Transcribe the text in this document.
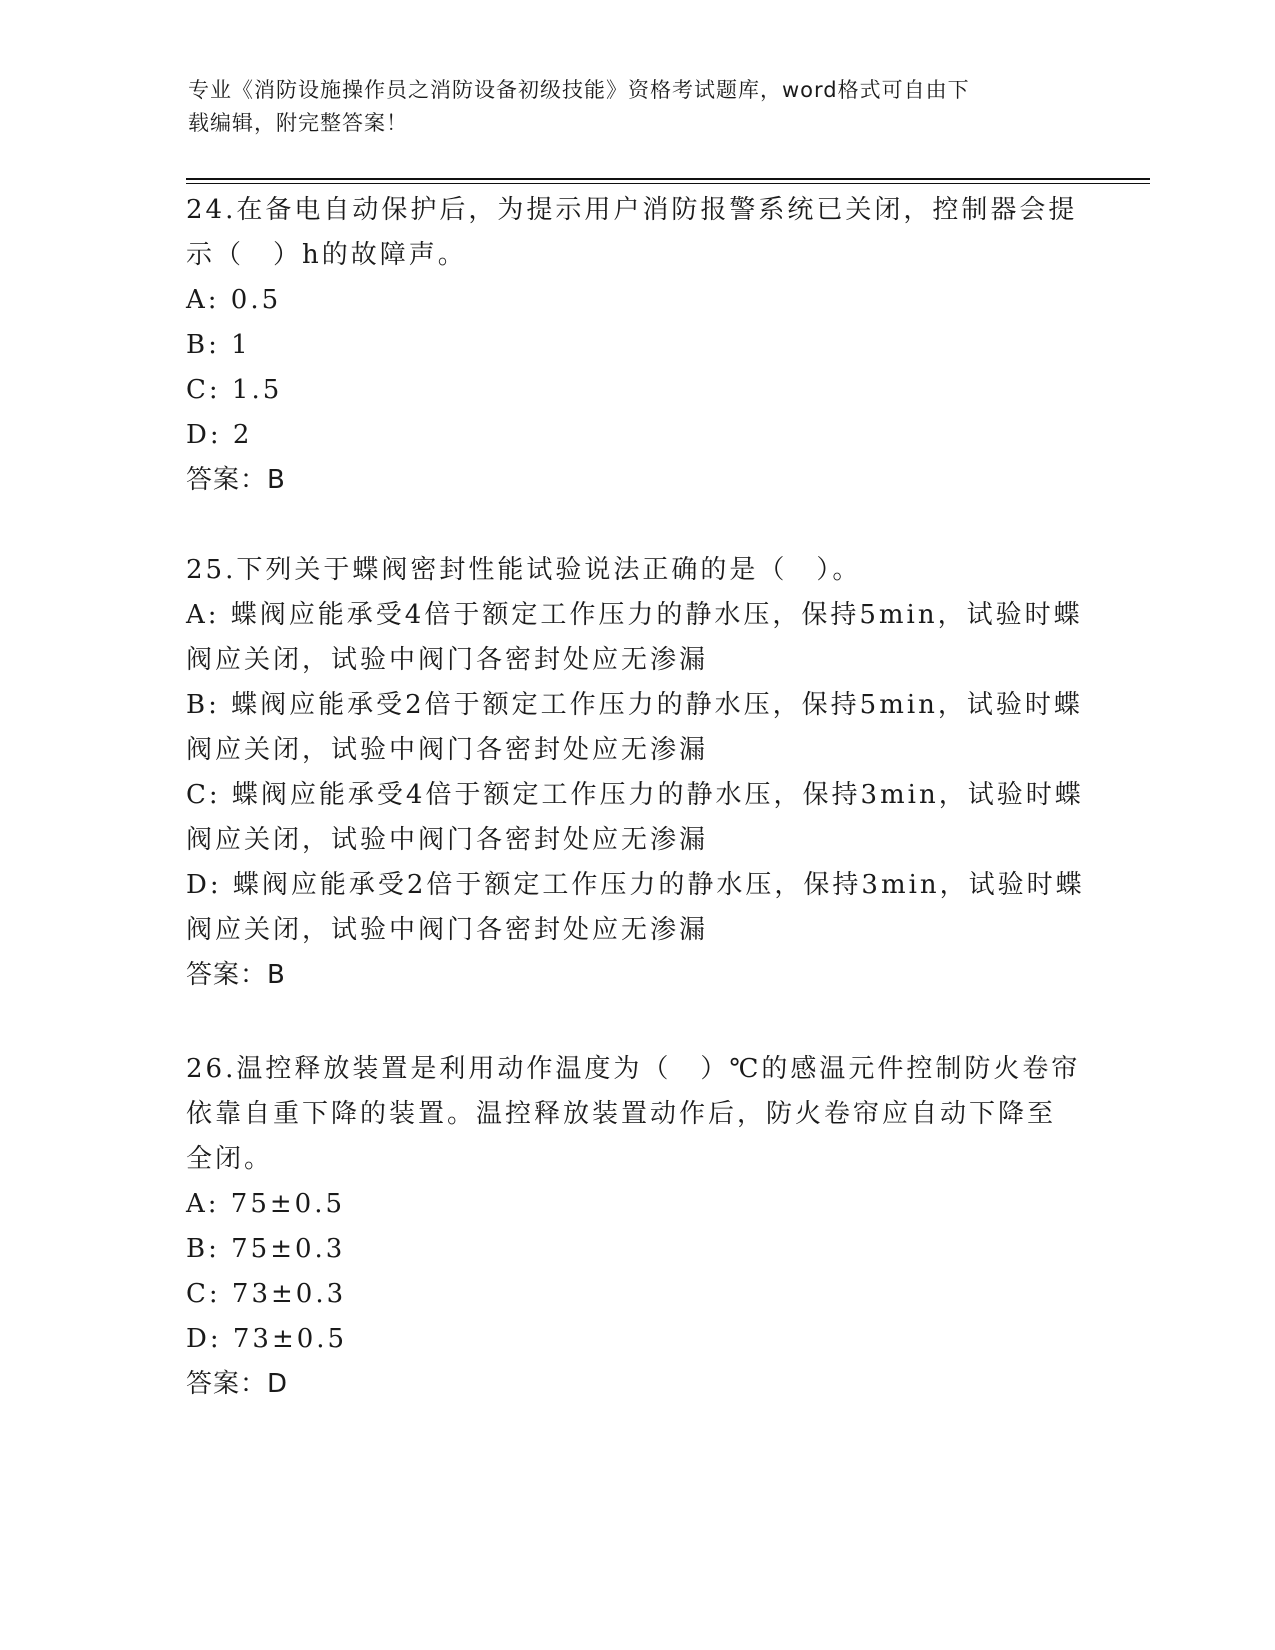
专业《消防设施操作员之消防设备初级技能》资格考试题库，word格式可自由下
载编辑，附完整答案！
24.在备电自动保护后，为提示用户消防报警系统已关闭，控制器会提
示（　）h的故障声。
A: 0.5
B: 1
C: 1.5
D: 2
答案：B
25.下列关于蝶阀密封性能试验说法正确的是（　）。
A: 蝶阀应能承受4倍于额定工作压力的静水压，保持5min，试验时蝶
阀应关闭，试验中阀门各密封处应无渗漏
B: 蝶阀应能承受2倍于额定工作压力的静水压，保持5min，试验时蝶
阀应关闭，试验中阀门各密封处应无渗漏
C: 蝶阀应能承受4倍于额定工作压力的静水压，保持3min，试验时蝶
阀应关闭，试验中阀门各密封处应无渗漏
D: 蝶阀应能承受2倍于额定工作压力的静水压，保持3min，试验时蝶
阀应关闭，试验中阀门各密封处应无渗漏
答案：B
26.温控释放装置是利用动作温度为（　）℃的感温元件控制防火卷帘
依靠自重下降的装置。温控释放装置动作后，防火卷帘应自动下降至
全闭。
A: 75±0.5
B: 75±0.3
C: 73±0.3
D: 73±0.5
答案：D
